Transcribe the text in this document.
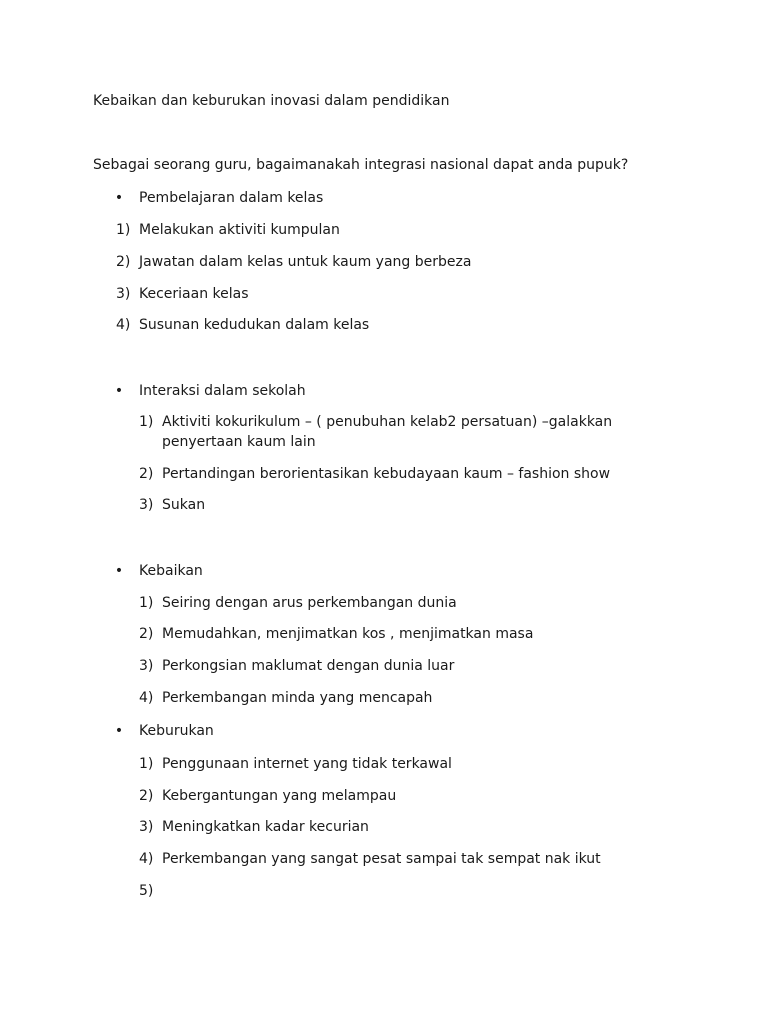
Kebaikan dan keburukan inovasi dalam pendidikan
Sebagai seorang guru, bagaimanakah integrasi nasional dapat anda pupuk?
• Pembelajaran dalam kelas
1) Melakukan aktiviti kumpulan
2) Jawatan dalam kelas untuk kaum yang berbeza
3) Keceriaan kelas
4) Susunan kedudukan dalam kelas
• Interaksi dalam sekolah
1) Aktiviti kokurikulum – ( penubuhan kelab2 persatuan) –galakkan
penyertaan kaum lain
2) Pertandingan berorientasikan kebudayaan kaum – fashion show
3) Sukan
• Kebaikan
1) Seiring dengan arus perkembangan dunia
2) Memudahkan, menjimatkan kos , menjimatkan masa
3) Perkongsian maklumat dengan dunia luar
4) Perkembangan minda yang mencapah
• Keburukan
1) Penggunaan internet yang tidak terkawal
2) Kebergantungan yang melampau
3) Meningkatkan kadar kecurian
4) Perkembangan yang sangat pesat sampai tak sempat nak ikut
5)
